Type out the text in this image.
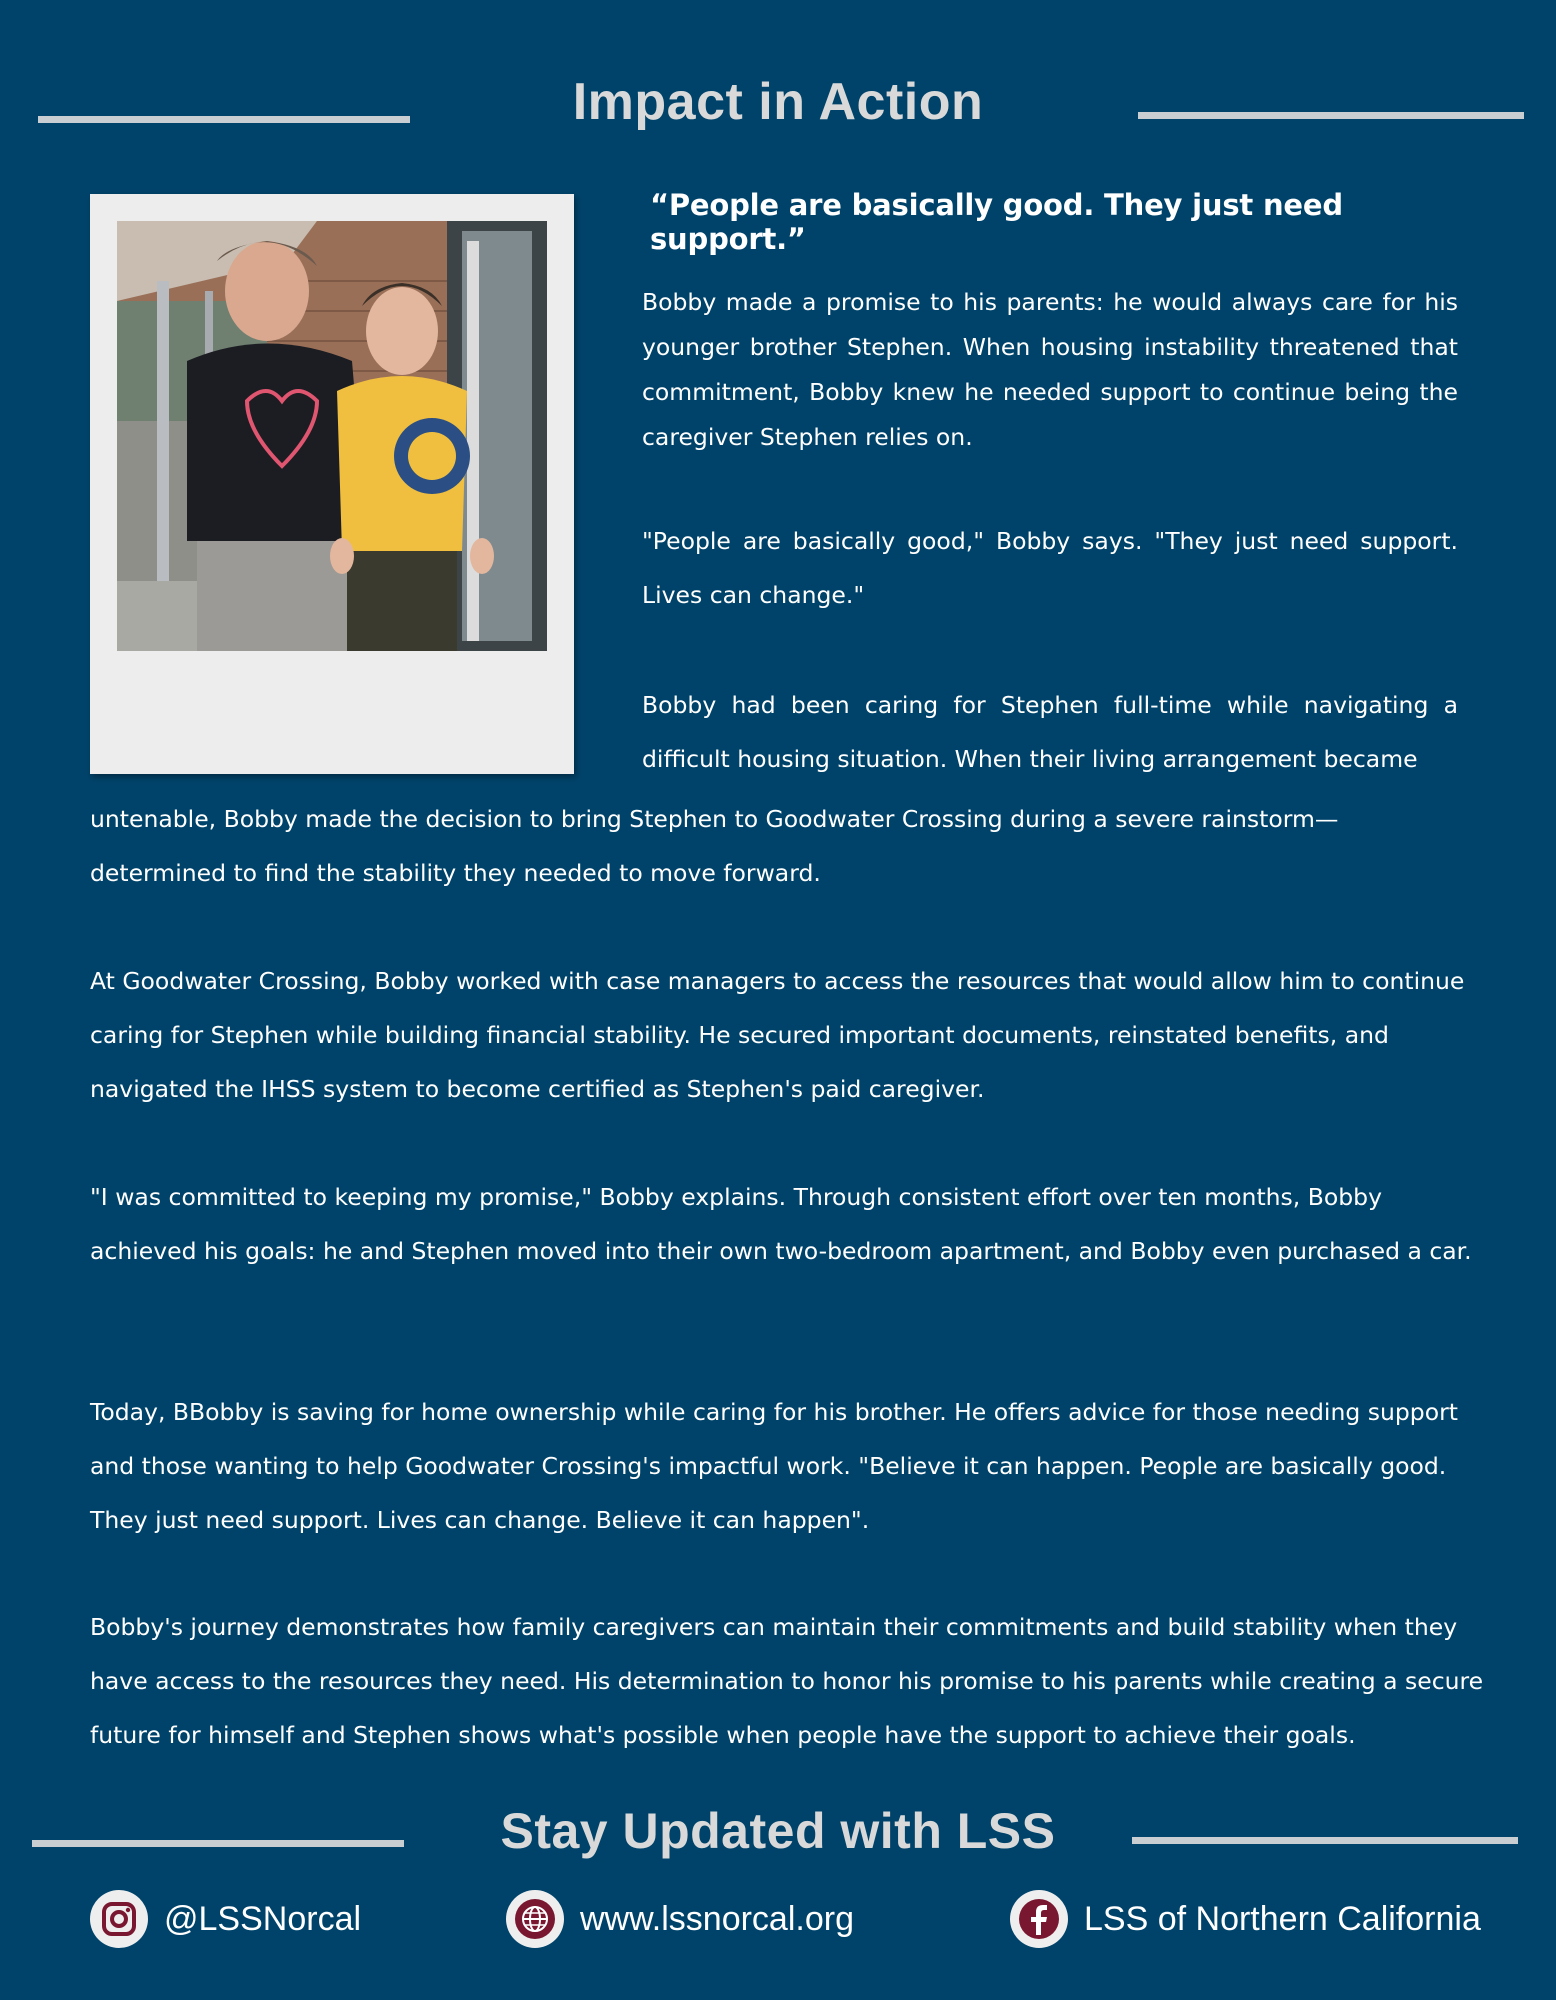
Impact in Action
“People are basically good. They just need support.”

Bobby made a promise to his parents: he would always care for his younger brother Stephen. When housing instability threatened that commitment, Bobby knew he needed support to continue being the caregiver Stephen relies on.

"People are basically good," Bobby says. "They just need support. Lives can change."

Bobby had been caring for Stephen full-time while navigating a difficult housing situation. When their living arrangement became

untenable, Bobby made the decision to bring Stephen to Goodwater Crossing during a severe rainstorm—determined to find the stability they needed to move forward.

At Goodwater Crossing, Bobby worked with case managers to access the resources that would allow him to continue caring for Stephen while building financial stability. He secured important documents, reinstated benefits, and navigated the IHSS system to become certified as Stephen's paid caregiver.

"I was committed to keeping my promise," Bobby explains. Through consistent effort over ten months, Bobby achieved his goals: he and Stephen moved into their own two-bedroom apartment, and Bobby even purchased a car.

Today, BBobby is saving for home ownership while caring for his brother. He offers advice for those needing support and those wanting to help Goodwater Crossing's impactful work. "Believe it can happen. People are basically good. They just need support. Lives can change. Believe it can happen".

Bobby's journey demonstrates how family caregivers can maintain their commitments and build stability when they have access to the resources they need. His determination to honor his promise to his parents while creating a secure future for himself and Stephen shows what's possible when people have the support to achieve their goals.

Stay Updated with LSS
@LSSNorcal	www.lssnorcal.org	LSS of Northern California
